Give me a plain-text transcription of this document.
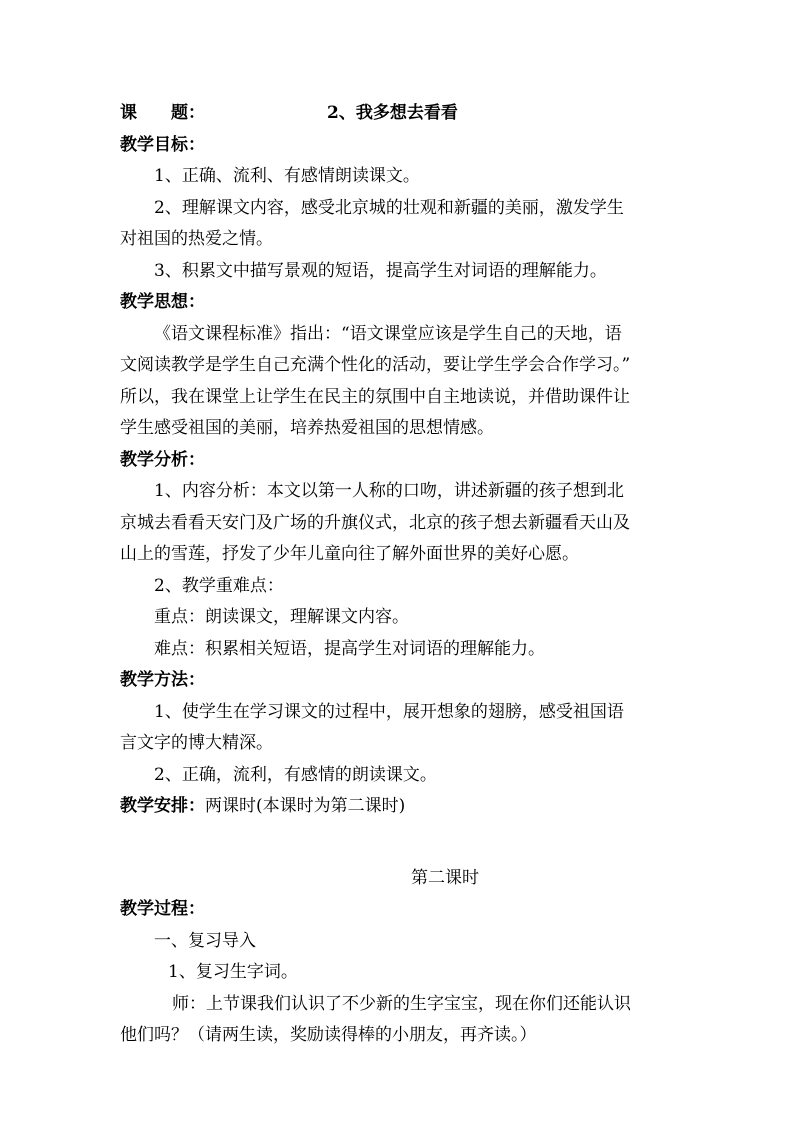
课　　题：	2、我多想去看看
教学目标：
1、正确、流利、有感情朗读课文。
2、理解课文内容，感受北京城的壮观和新疆的美丽，激发学生
对祖国的热爱之情。
3、积累文中描写景观的短语，提高学生对词语的理解能力。
教学思想：
《语文课程标准》指出：“语文课堂应该是学生自己的天地，语
文阅读教学是学生自己充满个性化的活动，要让学生学会合作学习。”
所以，我在课堂上让学生在民主的氛围中自主地读说，并借助课件让
学生感受祖国的美丽，培养热爱祖国的思想情感。
教学分析：
1、内容分析：本文以第一人称的口吻，讲述新疆的孩子想到北
京城去看看天安门及广场的升旗仪式，北京的孩子想去新疆看天山及
山上的雪莲，抒发了少年儿童向往了解外面世界的美好心愿。
2、教学重难点：
重点：朗读课文，理解课文内容。
难点：积累相关短语，提高学生对词语的理解能力。
教学方法：
1、使学生在学习课文的过程中，展开想象的翅膀，感受祖国语
言文字的博大精深。
2、正确，流利，有感情的朗读课文。
教学安排：两课时(本课时为第二课时)
第二课时
教学过程：
一、复习导入
1、复习生字词。
师：上节课我们认识了不少新的生字宝宝，现在你们还能认识
他们吗？（请两生读，奖励读得棒的小朋友，再齐读。）
